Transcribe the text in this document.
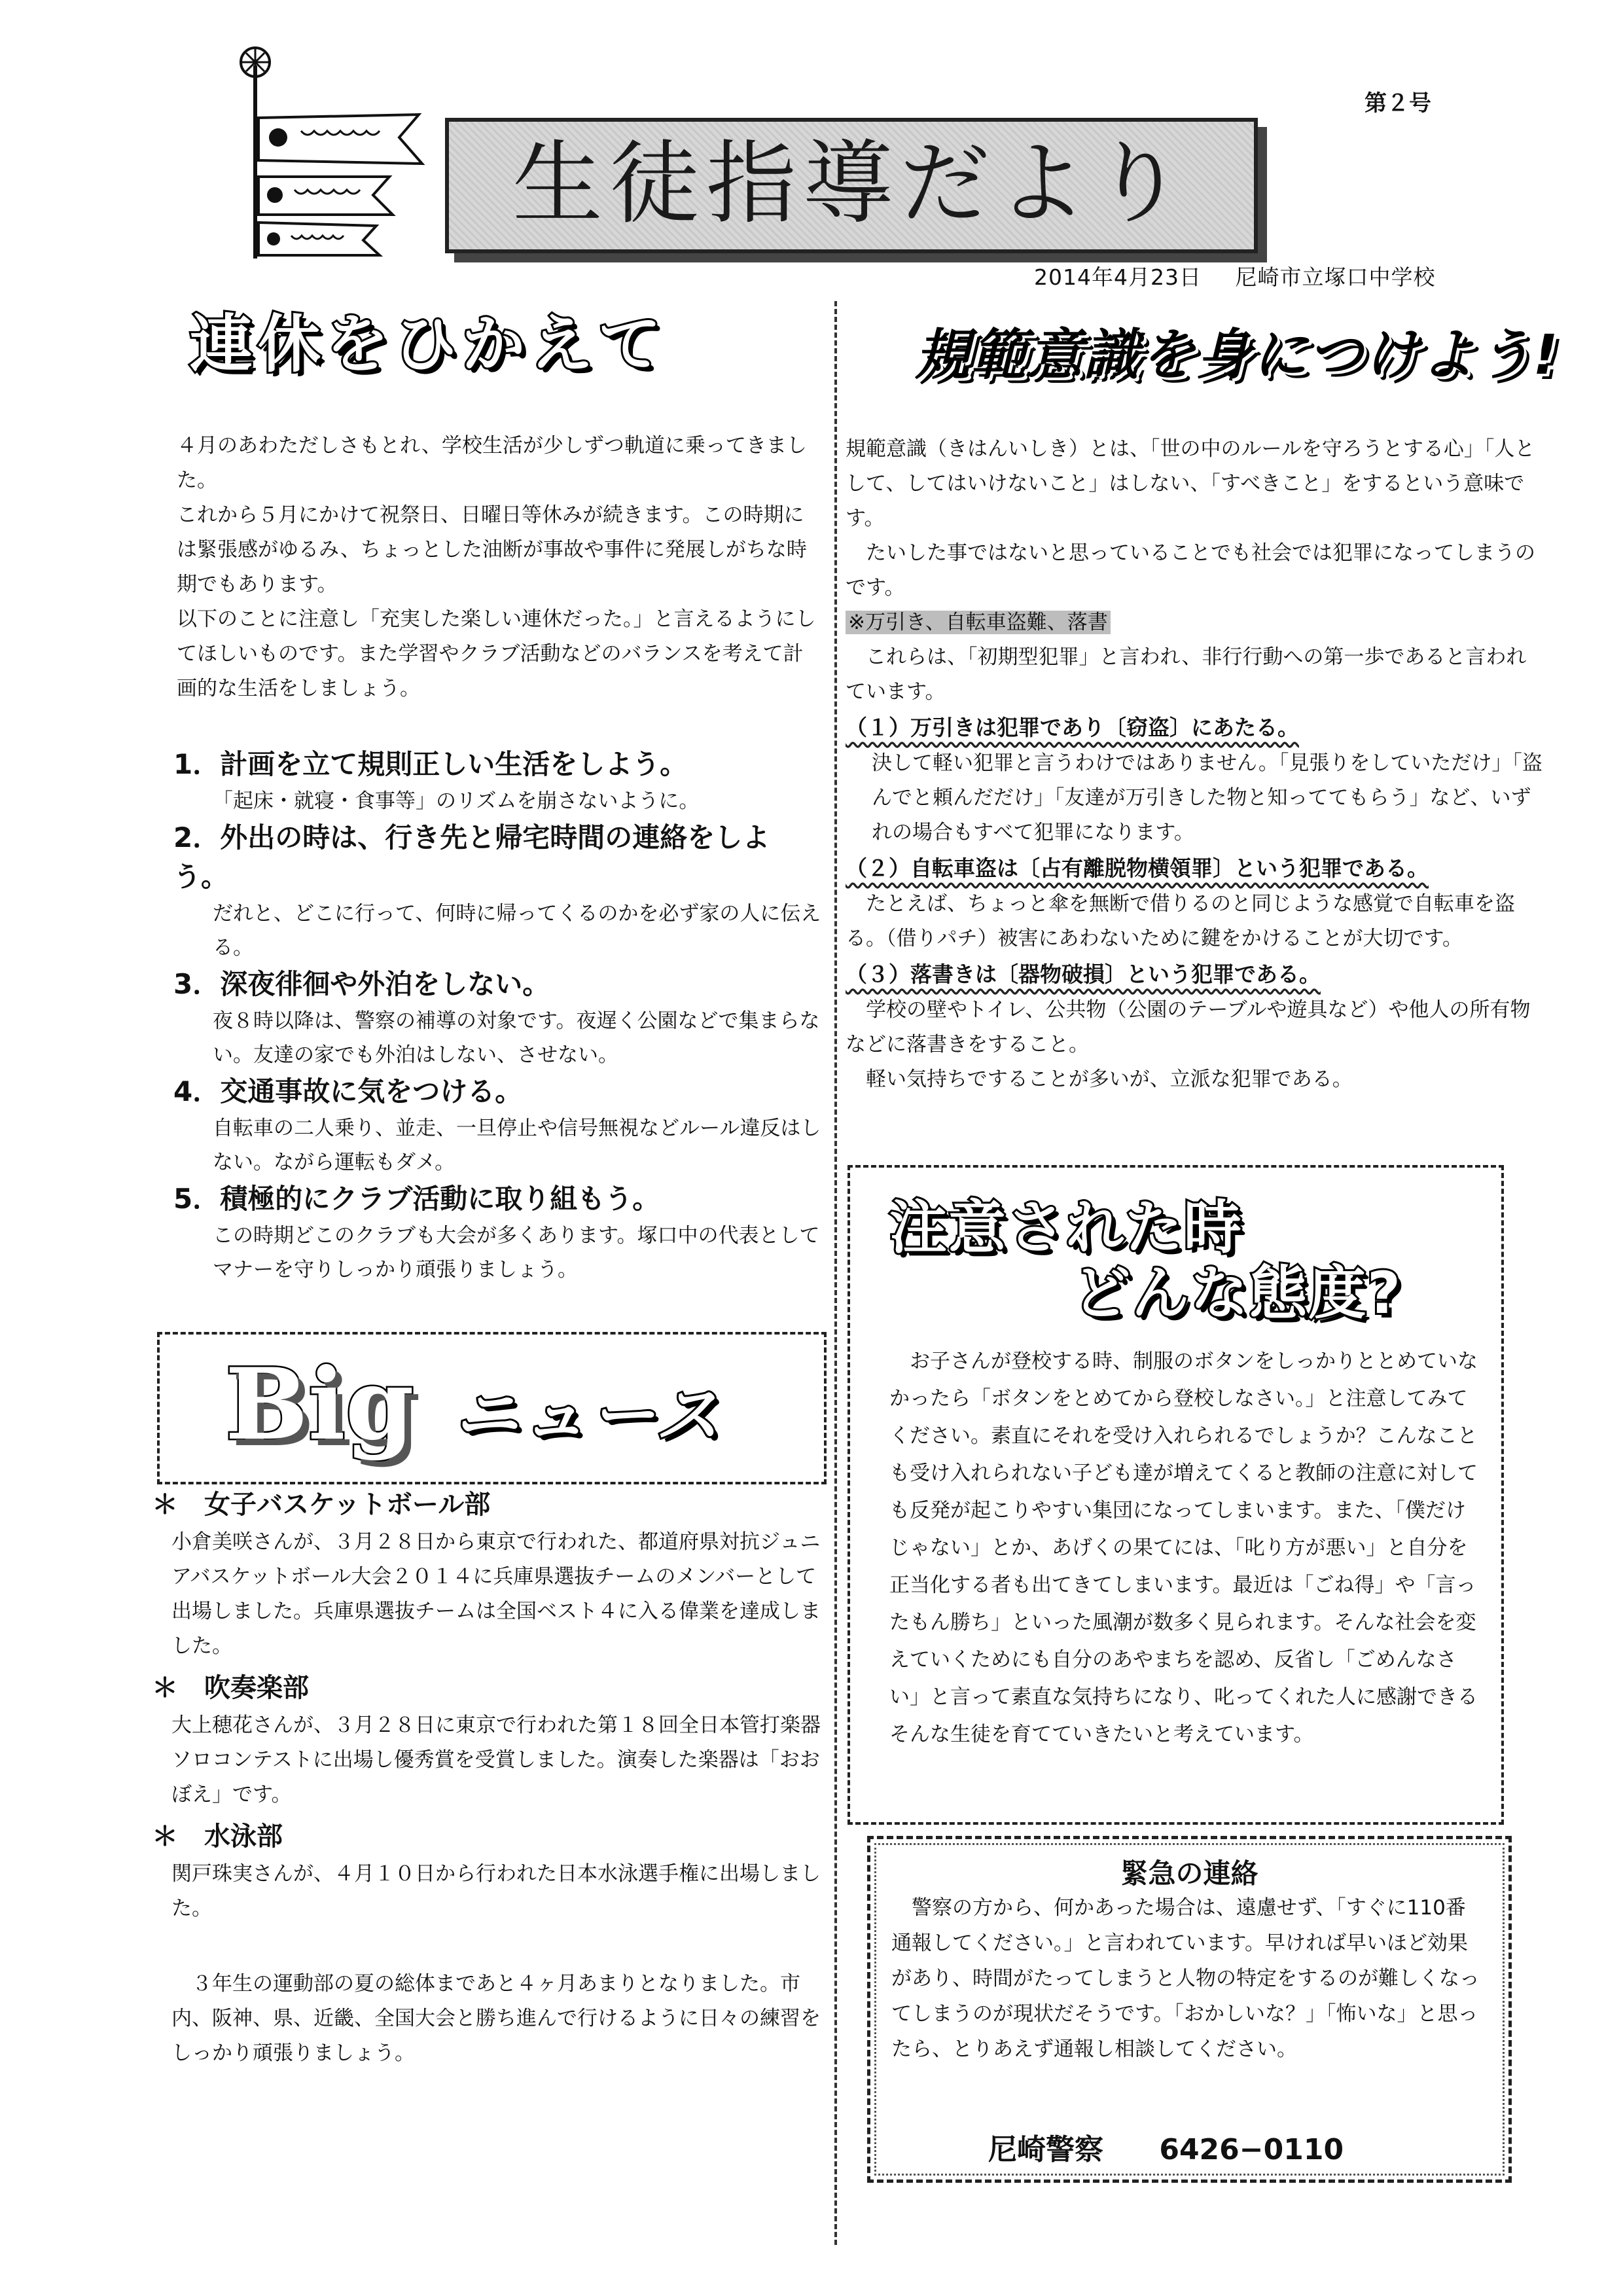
生徒指導だより
第２号
2014年4月23日 尼崎市立塚口中学校
連休をひかえて

４月のあわただしさもとれ、学校生活が少しずつ軌道に乗ってきました。

これから５月にかけて祝祭日、日曜日等休みが続きます。この時期には緊張感がゆるみ、ちょっとした油断が事故や事件に発展しがちな時期でもあります。

以下のことに注意し「充実した楽しい連休だった。」と言えるようにしてほしいものです。また学習やクラブ活動などのバランスを考えて計画的な生活をしましょう。

1．計画を立て規則正しい生活をしよう。

「起床・就寝・食事等」のリズムを崩さないように。

2．外出の時は、行き先と帰宅時間の連絡をしよう。

だれと、どこに行って、何時に帰ってくるのかを必ず家の人に伝える。

3．深夜徘徊や外泊をしない。

夜８時以降は、警察の補導の対象です。夜遅く公園などで集まらない。友達の家でも外泊はしない、させない。

4．交通事故に気をつける。

自転車の二人乗り、並走、一旦停止や信号無視などルール違反はしない。ながら運転もダメ。

5．積極的にクラブ活動に取り組もう。

この時期どこのクラブも大会が多くあります。塚口中の代表としてマナーを守りしっかり頑張りましょう。

Big ニュース

＊　女子バスケットボール部

小倉美咲さんが、３月２８日から東京で行われた、都道府県対抗ジュニアバスケットボール大会２０１４に兵庫県選抜チームのメンバーとして出場しました。兵庫県選抜チームは全国ベスト４に入る偉業を達成しました。

＊　吹奏楽部

大上穂花さんが、３月２８日に東京で行われた第１８回全日本管打楽器ソロコンテストに出場し優秀賞を受賞しました。演奏した楽器は「おおぼえ」です。

＊　水泳部

関戸珠実さんが、４月１０日から行われた日本水泳選手権に出場しました。

３年生の運動部の夏の総体まであと４ヶ月あまりとなりました。市内、阪神、県、近畿、全国大会と勝ち進んで行けるように日々の練習をしっかり頑張りましょう。

規範意識を身につけよう!

規範意識（きはんいしき）とは、「世の中のルールを守ろうとする心」「人として、してはいけないこと」はしない、「すべきこと」をするという意味です。

たいした事ではないと思っていることでも社会では犯罪になってしまうのです。

※万引き、自転車盗難、落書

これらは、「初期型犯罪」と言われ、非行行動への第一歩であると言われています。

（１）万引きは犯罪であり〔窃盗〕にあたる。

決して軽い犯罪と言うわけではありません。「見張りをしていただけ」「盗んでと頼んだだけ」「友達が万引きした物と知っててもらう」など、いずれの場合もすべて犯罪になります。

（２）自転車盗は〔占有離脱物横領罪〕という犯罪である。

たとえば、ちょっと傘を無断で借りるのと同じような感覚で自転車を盗る。（借りパチ）被害にあわないために鍵をかけることが大切です。

（３）落書きは〔器物破損〕という犯罪である。

学校の壁やトイレ、公共物（公園のテーブルや遊具など）や他人の所有物などに落書きをすること。

軽い気持ちですることが多いが、立派な犯罪である。

注意された時
どんな態度?

お子さんが登校する時、制服のボタンをしっかりととめていなかったら「ボタンをとめてから登校しなさい。」と注意してみてください。素直にそれを受け入れられるでしょうか？こんなことも受け入れられない子ども達が増えてくると教師の注意に対しても反発が起こりやすい集団になってしまいます。また、「僕だけじゃない」とか、あげくの果てには、「叱り方が悪い」と自分を正当化する者も出てきてしまいます。最近は「ごね得」や「言ったもん勝ち」といった風潮が数多く見られます。そんな社会を変えていくためにも自分のあやまちを認め、反省し「ごめんなさい」と言って素直な気持ちになり、叱ってくれた人に感謝できるそんな生徒を育てていきたいと考えています。

緊急の連絡

警察の方から、何かあった場合は、遠慮せず、「すぐに110番通報してください。」と言われています。早ければ早いほど効果があり、時間がたってしまうと人物の特定をするのが難しくなってしまうのが現状だそうです。「おかしいな？」「怖いな」と思ったら、とりあえず通報し相談してください。

尼崎警察 6426−0110
